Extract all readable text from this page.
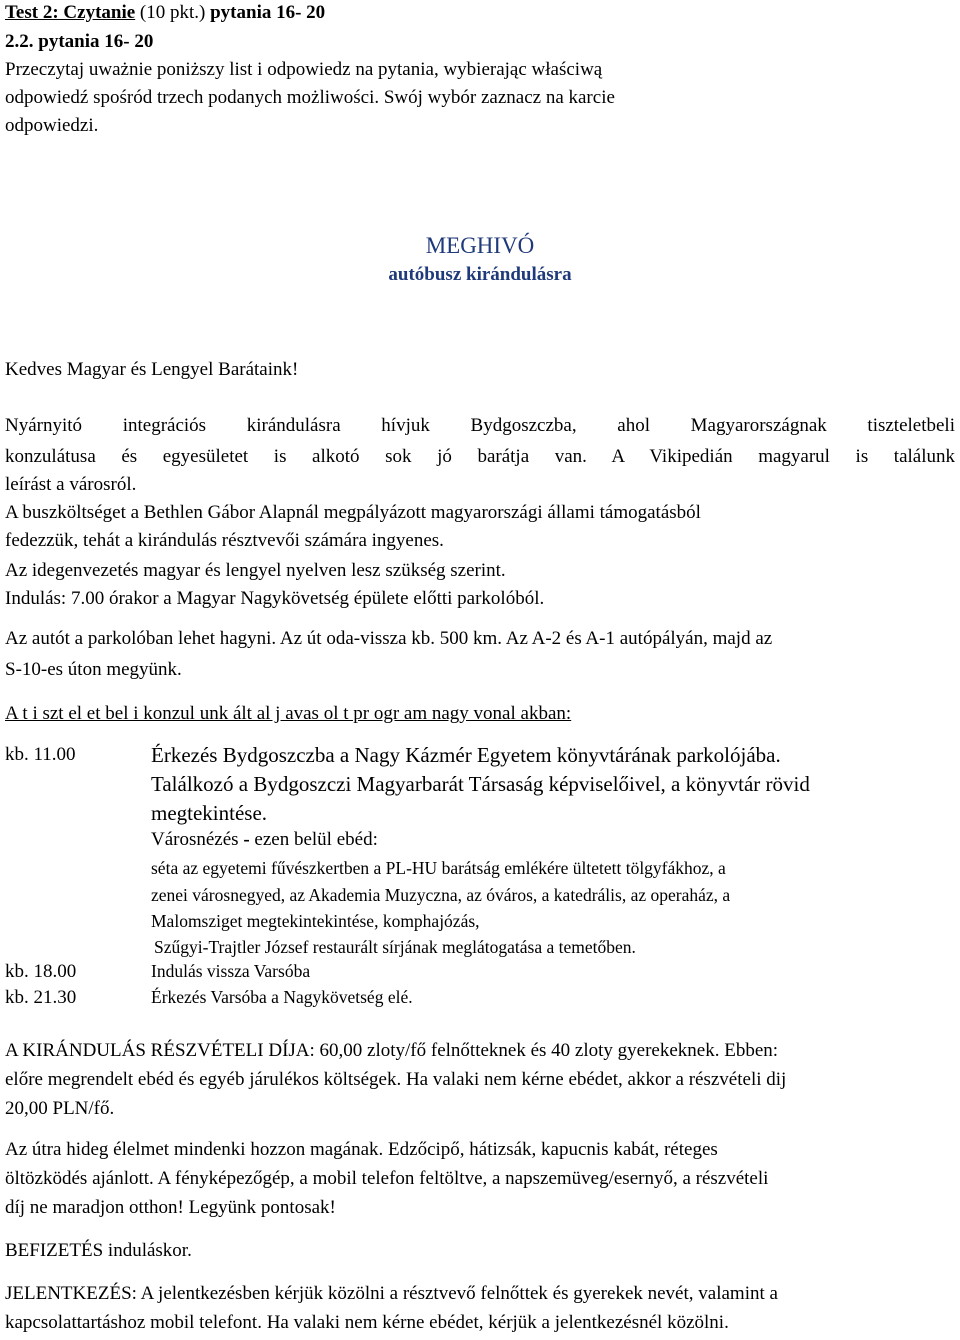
Test 2: Czytanie (10 pkt.) pytania 16- 20
2.2. pytania 16- 20
Przeczytaj uważnie poniższy list i odpowiedz na pytania, wybierając właściwą
odpowiedź spośród trzech podanych możliwości. Swój wybór zaznacz na karcie
odpowiedzi.
MEGHIVÓ
autóbusz kirándulásra
Kedves Magyar és Lengyel Barátaink!
Nyárnyitó integrációs kirándulásra hívjuk Bydgoszczba, ahol Magyarországnak tiszteletbeli
konzulátusa és egyesületet is alkotó sok jó barátja van. A Vikipedián magyarul is találunk
leírást a városról.
A buszköltséget a Bethlen Gábor Alapnál megpályázott magyarországi állami támogatásból
fedezzük, tehát a kirándulás résztvevői számára ingyenes.
Az idegenvezetés magyar és lengyel nyelven lesz szükség szerint.
Indulás: 7.00 órakor a Magyar Nagykövetség épülete előtti parkolóból.
Az autót a parkolóban lehet hagyni. Az út oda-vissza kb. 500 km. Az A-2 és A-1 autópályán, majd az
S-10-es úton megyünk.
A t i szt el et bel i konzul unk ált al j avas ol t pr ogr am nagy vonal akban:
kb. 11.00	Érkezés Bydgoszczba a Nagy Kázmér Egyetem könyvtárának parkolójába.
Találkozó a Bydgoszczi Magyarbarát Társaság képviselőivel, a könyvtár rövid
megtekintése.
Városnézés - ezen belül ebéd:
séta az egyetemi fűvészkertben a PL-HU barátság emlékére ültetett tölgyfákhoz, a
zenei városnegyed, az Akademia Muzyczna, az óváros, a katedrális, az operaház, a
Malomsziget megtekintekintése, komphajózás,
Szűgyi-Trajtler József restaurált sírjának meglátogatása a temetőben.
kb. 18.00	Indulás vissza Varsóba
kb. 21.30	Érkezés Varsóba a Nagykövetség elé.
A KIRÁNDULÁS RÉSZVÉTELI DÍJA: 60,00 zloty/fő felnőtteknek és 40 zloty gyerekeknek. Ebben:
előre megrendelt ebéd és egyéb járulékos költségek. Ha valaki nem kérne ebédet, akkor a részvételi dij
20,00 PLN/fő.
Az útra hideg élelmet mindenki hozzon magának. Edzőcipő, hátizsák, kapucnis kabát, réteges
öltözködés ajánlott. A fényképezőgép, a mobil telefon feltöltve, a napszemüveg/esernyő, a részvételi
díj ne maradjon otthon! Legyünk pontosak!
BEFIZETÉS induláskor.
JELENTKEZÉS: A jelentkezésben kérjük közölni a résztvevő felnőttek és gyerekek nevét, valamint a
kapcsolattartáshoz mobil telefont. Ha valaki nem kérne ebédet, kérjük a jelentkezésnél közölni.
